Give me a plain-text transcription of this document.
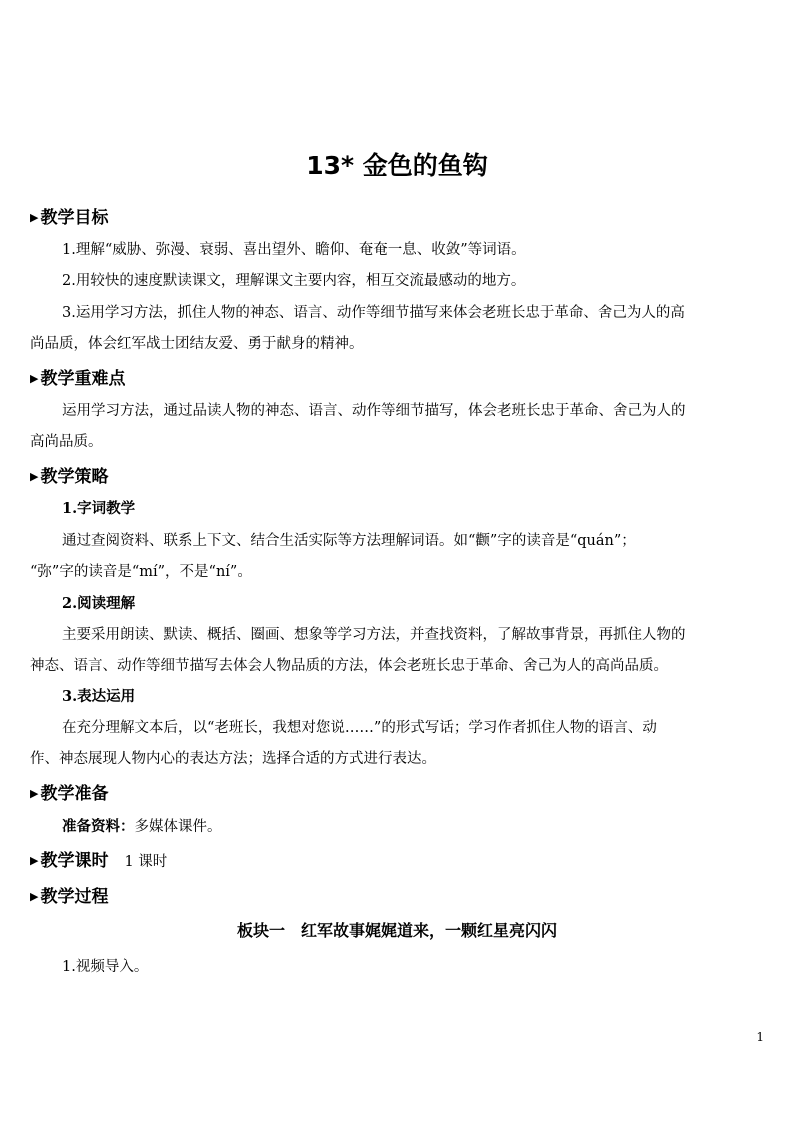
13* 金色的鱼钩
▶ 教学目标
1.理解“威胁、弥漫、衰弱、喜出望外、瞻仰、奄奄一息、收敛”等词语。
2.用较快的速度默读课文，理解课文主要内容，相互交流最感动的地方。
3.运用学习方法，抓住人物的神态、语言、动作等细节描写来体会老班长忠于革命、舍己为人的高
尚品质，体会红军战士团结友爱、勇于献身的精神。
▶ 教学重难点
运用学习方法，通过品读人物的神态、语言、动作等细节描写，体会老班长忠于革命、舍己为人的
高尚品质。
▶ 教学策略
1.字词教学
通过查阅资料、联系上下文、结合生活实际等方法理解词语。如“颧”字的读音是“quán”；
“弥”字的读音是“mí”，不是“ní”。
2.阅读理解
主要采用朗读、默读、概括、圈画、想象等学习方法，并查找资料，了解故事背景，再抓住人物的
神态、语言、动作等细节描写去体会人物品质的方法，体会老班长忠于革命、舍己为人的高尚品质。
3.表达运用
在充分理解文本后，以“老班长，我想对您说……”的形式写话；学习作者抓住人物的语言、动
作、神态展现人物内心的表达方法；选择合适的方式进行表达。
▶ 教学准备
准备资料：多媒体课件。
▶ 教学课时 1 课时
▶ 教学过程
板块一　红军故事娓娓道来，一颗红星亮闪闪
1.视频导入。
1
